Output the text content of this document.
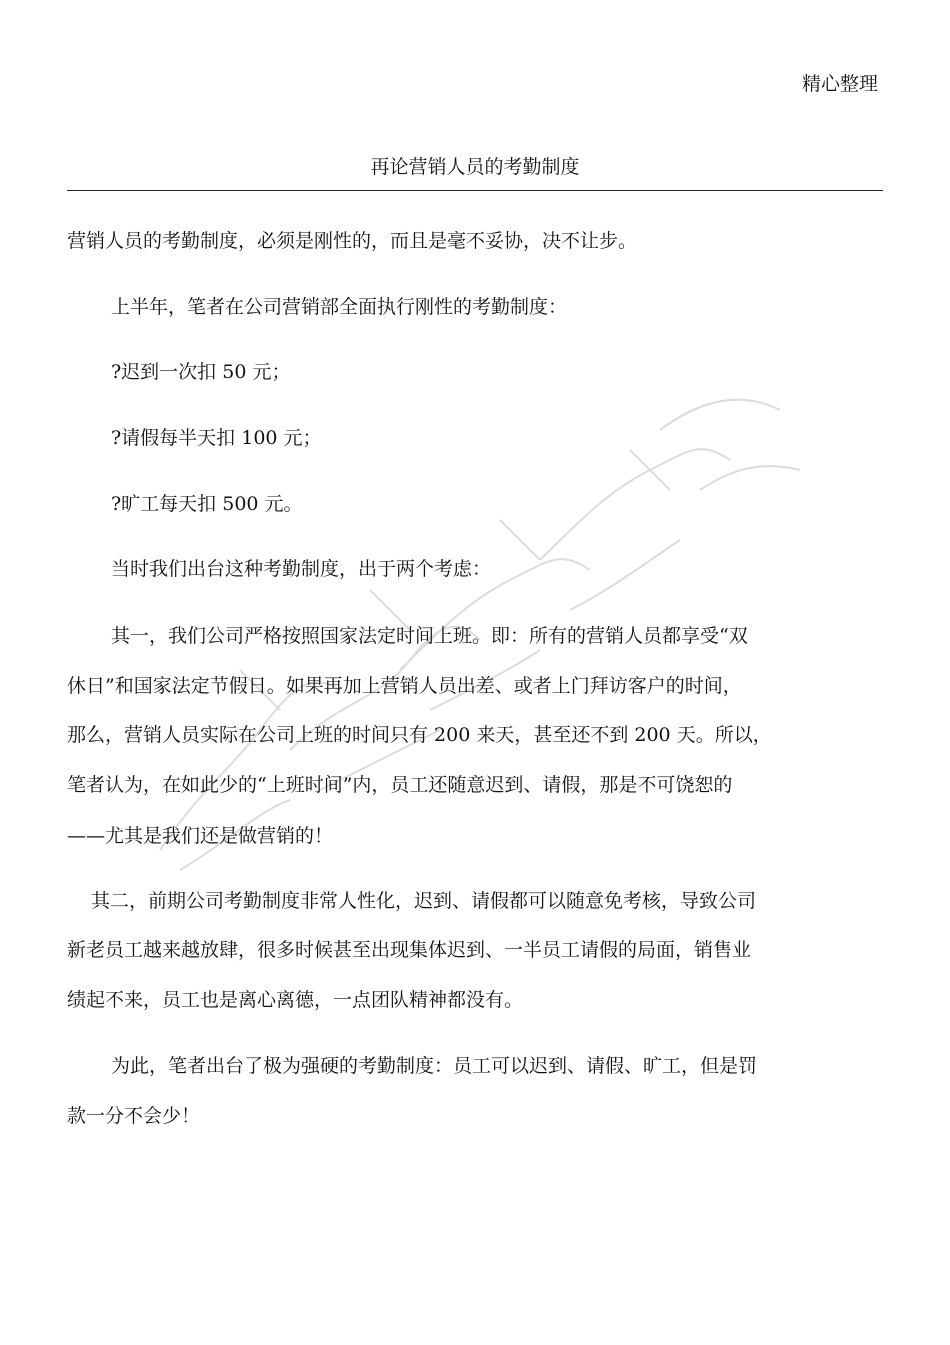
精心整理
再论营销人员的考勤制度
营销人员的考勤制度，必须是刚性的，而且是毫不妥协，决不让步。
上半年，笔者在公司营销部全面执行刚性的考勤制度：
?迟到一次扣 50 元；
?请假每半天扣 100 元；
?旷工每天扣 500 元。
当时我们出台这种考勤制度，出于两个考虑：
其一，我们公司严格按照国家法定时间上班。即：所有的营销人员都享受“双
休日”和国家法定节假日。如果再加上营销人员出差、或者上门拜访客户的时间，
那么，营销人员实际在公司上班的时间只有 200 来天，甚至还不到 200 天。所以，
笔者认为，在如此少的“上班时间”内，员工还随意迟到、请假，那是不可饶恕的
——尤其是我们还是做营销的！
其二，前期公司考勤制度非常人性化，迟到、请假都可以随意免考核，导致公司
新老员工越来越放肆，很多时候甚至出现集体迟到、一半员工请假的局面，销售业
绩起不来，员工也是离心离德，一点团队精神都没有。
为此，笔者出台了极为强硬的考勤制度：员工可以迟到、请假、旷工，但是罚
款一分不会少！
